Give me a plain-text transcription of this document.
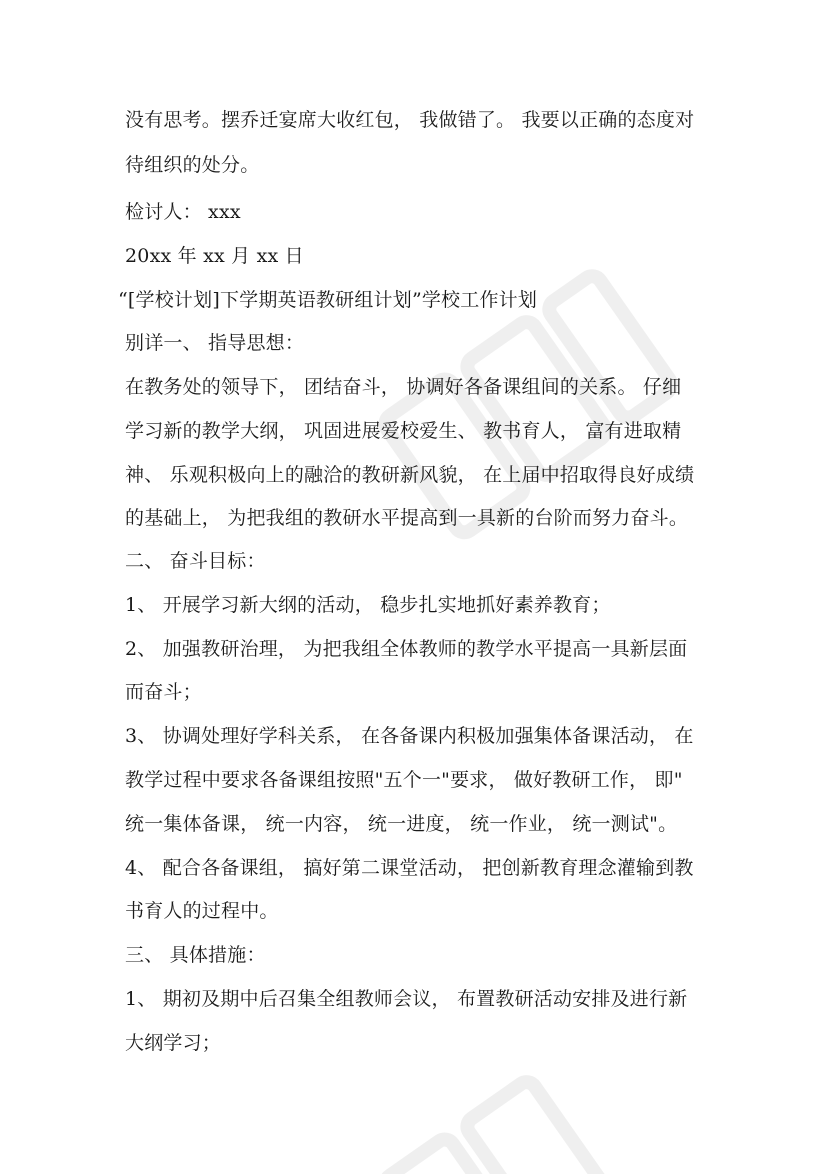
没有思考。摆乔迁宴席大收红包， 我做错了。 我要以正确的态度对
待组织的处分。
检讨人： xxx
20xx 年 xx 月 xx 日
“[学校计划]下学期英语教研组计划”学校工作计划
别详一、 指导思想：
在教务处的领导下， 团结奋斗， 协调好各备课组间的关系。 仔细
学习新的教学大纲， 巩固进展爱校爱生、 教书育人， 富有进取精
神、 乐观积极向上的融洽的教研新风貌， 在上届中招取得良好成绩
的基础上， 为把我组的教研水平提高到一具新的台阶而努力奋斗。
二、 奋斗目标：
1、 开展学习新大纲的活动， 稳步扎实地抓好素养教育；
2、 加强教研治理， 为把我组全体教师的教学水平提高一具新层面
而奋斗；
3、 协调处理好学科关系， 在各备课内积极加强集体备课活动， 在
教学过程中要求各备课组按照"五个一"要求， 做好教研工作， 即"
统一集体备课， 统一内容， 统一进度， 统一作业， 统一测试"。
4、 配合各备课组， 搞好第二课堂活动， 把创新教育理念灌输到教
书育人的过程中。
三、 具体措施：
1、 期初及期中后召集全组教师会议， 布置教研活动安排及进行新
大纲学习；
